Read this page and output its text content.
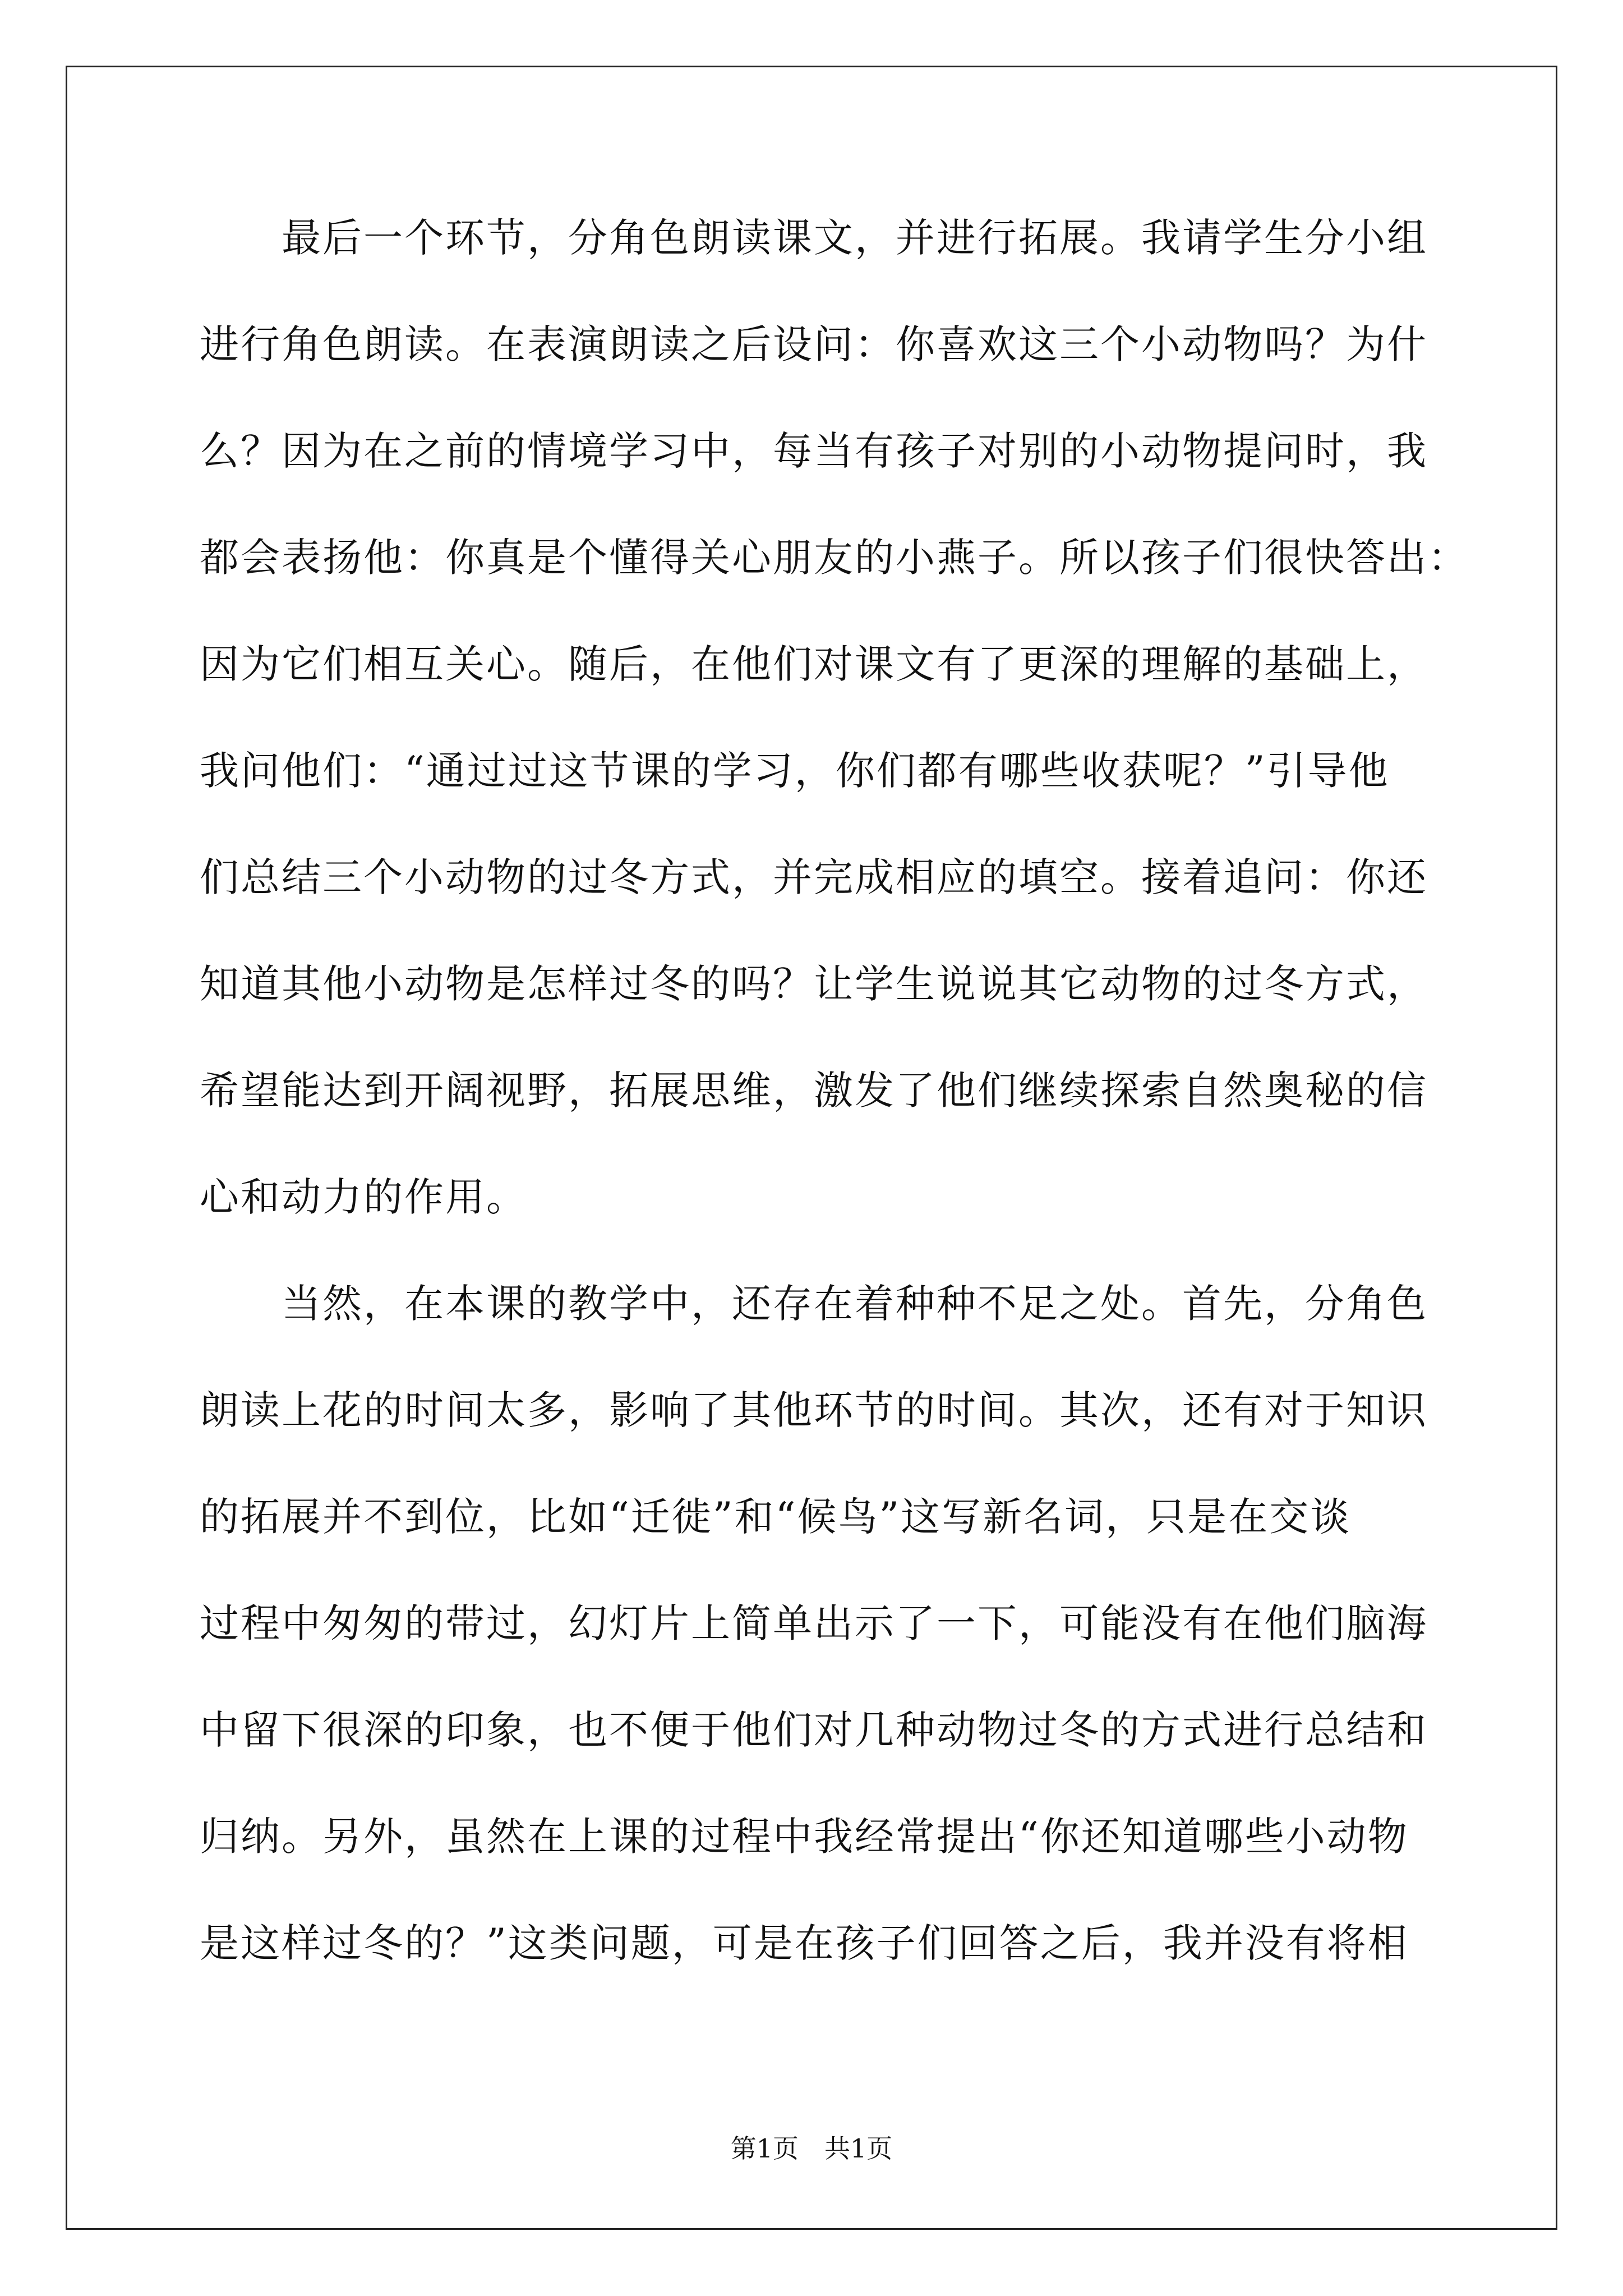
　　最后一个环节，分角色朗读课文，并进行拓展。我请学生分小组
进行角色朗读。在表演朗读之后设问：你喜欢这三个小动物吗？为什
么？因为在之前的情境学习中，每当有孩子对别的小动物提问时，我
都会表扬他：你真是个懂得关心朋友的小燕子。所以孩子们很快答出：
因为它们相互关心。随后，在他们对课文有了更深的理解的基础上，
我问他们：“通过过这节课的学习，你们都有哪些收获呢？”引导他
们总结三个小动物的过冬方式，并完成相应的填空。接着追问：你还
知道其他小动物是怎样过冬的吗？让学生说说其它动物的过冬方式，
希望能达到开阔视野，拓展思维，激发了他们继续探索自然奥秘的信
心和动力的作用。
　　当然，在本课的教学中，还存在着种种不足之处。首先，分角色
朗读上花的时间太多，影响了其他环节的时间。其次，还有对于知识
的拓展并不到位，比如“迁徙”和“候鸟”这写新名词，只是在交谈
过程中匆匆的带过，幻灯片上简单出示了一下，可能没有在他们脑海
中留下很深的印象，也不便于他们对几种动物过冬的方式进行总结和
归纳。另外，虽然在上课的过程中我经常提出“你还知道哪些小动物
是这样过冬的？”这类问题，可是在孩子们回答之后，我并没有将相
第1页　共1页
